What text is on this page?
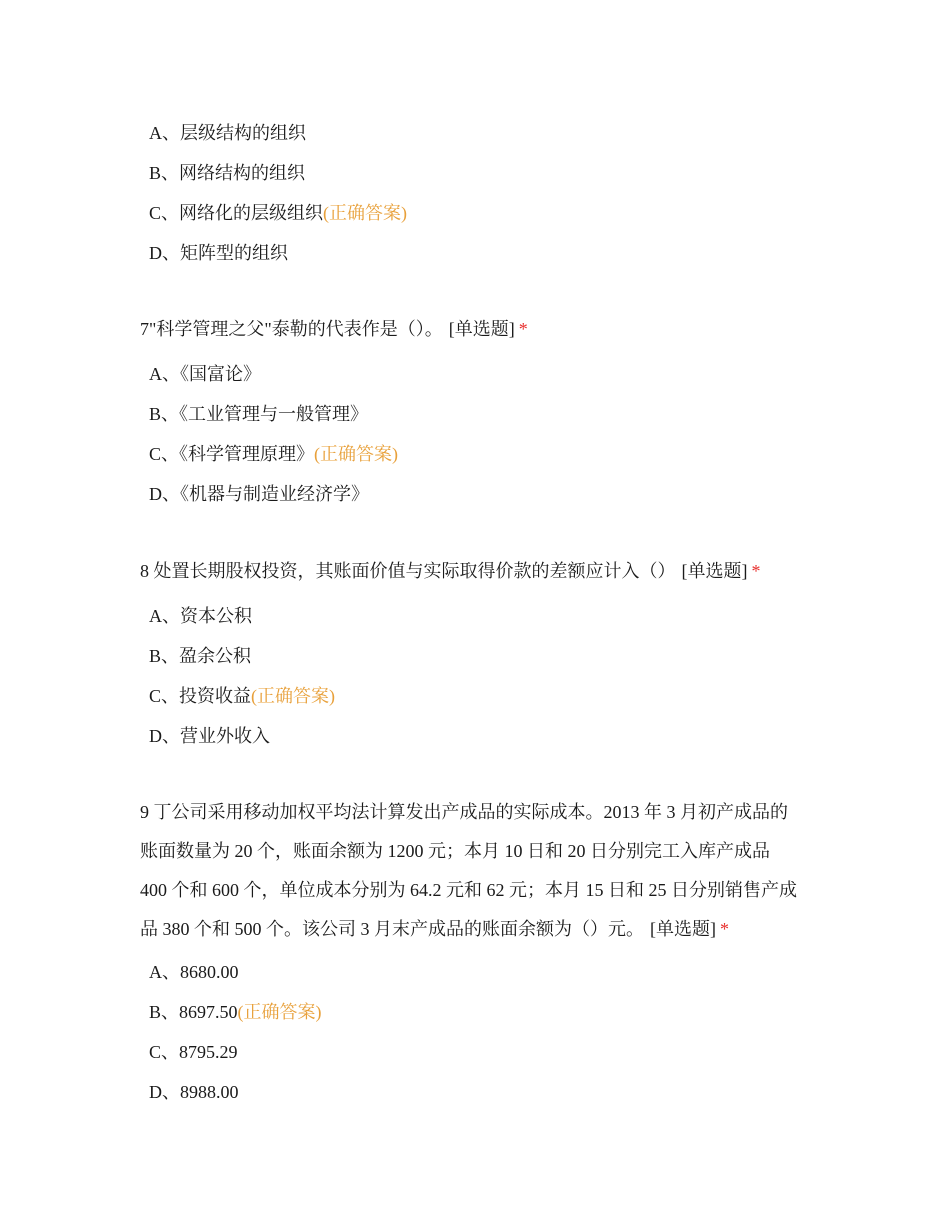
A、层级结构的组织
B、网络结构的组织
C、网络化的层级组织(正确答案)
D、矩阵型的组织

7"科学管理之父"泰勒的代表作是（）。 [单选题] *

A、《国富论》
B、《工业管理与一般管理》
C、《科学管理原理》(正确答案)
D、《机器与制造业经济学》

8 处置长期股权投资，其账面价值与实际取得价款的差额应计入（） [单选题] *

A、资本公积
B、盈余公积
C、投资收益(正确答案)
D、营业外收入

9 丁公司采用移动加权平均法计算发出产成品的实际成本。2013 年 3 月初产成品的
账面数量为 20 个，账面余额为 1200 元；本月 10 日和 20 日分别完工入库产成品
400 个和 600 个，单位成本分别为 64.2 元和 62 元；本月 15 日和 25 日分别销售产成
品 380 个和 500 个。该公司 3 月末产成品的账面余额为（）元。 [单选题] *

A、8680.00
B、8697.50(正确答案)
C、8795.29
D、8988.00
